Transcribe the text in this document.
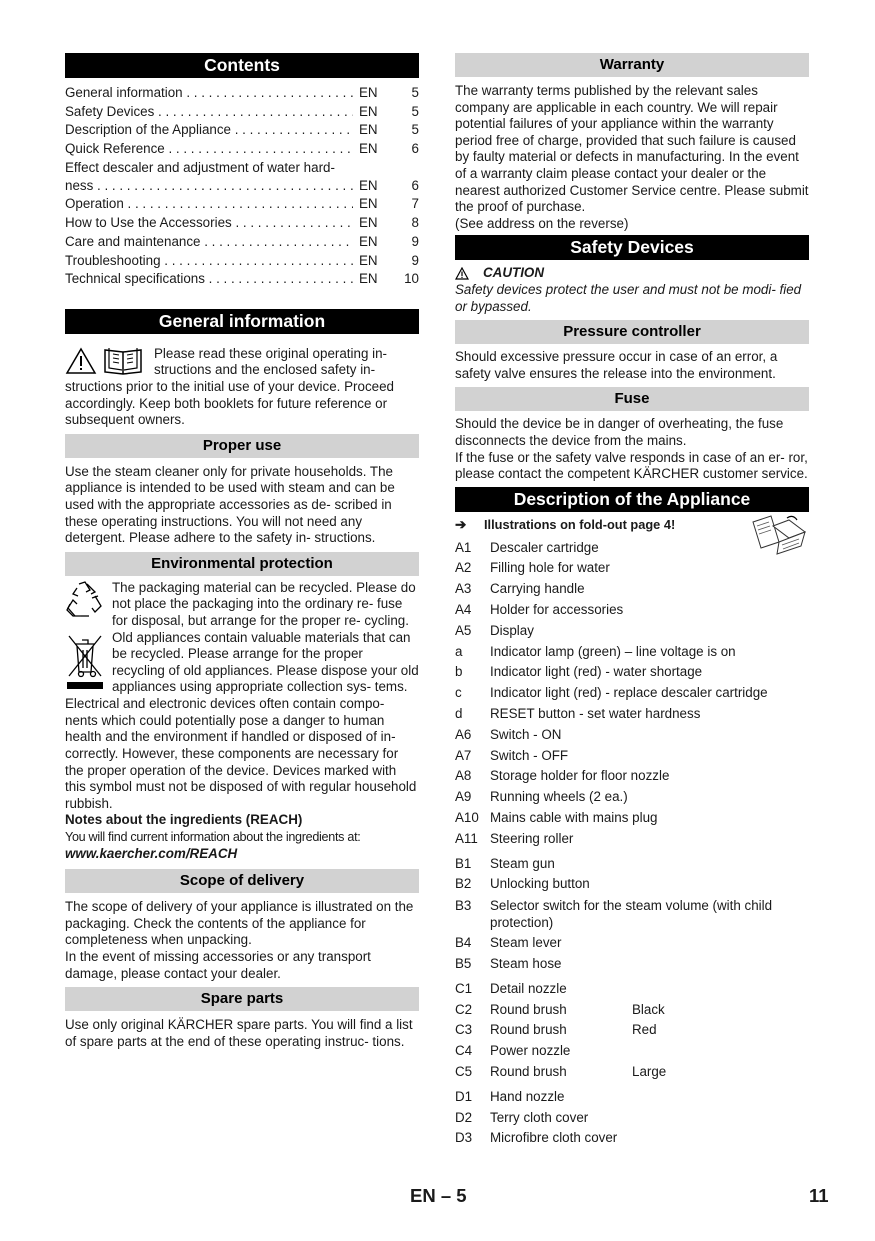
Contents
General information . . .	EN	5
Safety Devices . . .	EN	5
Description of the Appliance . . .	EN	5
Quick Reference . . .	EN	6
Effect descaler and adjustment of water hard-
ness . . .	EN	6
Operation . . .	EN	7
How to Use the Accessories . . .	EN	8
Care and maintenance . . .	EN	9
Troubleshooting . . .	EN	9
Technical specifications . . .	EN	10
General information

Please read these original operating in-

structions and the enclosed safety in-

structions prior to the initial use of your device. Proceed accordingly. Keep both booklets for future reference or subsequent owners.

Proper use

Use the steam cleaner only for private households. The appliance is intended to be used with steam and can be used with the appropriate accessories as de- scribed in these operating instructions. You will not need any detergent. Please adhere to the safety in- structions.

Environmental protection

The packaging material can be recycled. Please do not place the packaging into the ordinary re- fuse for disposal, but arrange for the proper re- cycling.

Old appliances contain valuable materials that can be recycled. Please arrange for the proper recycling of old appliances. Please dispose your old appliances using appropriate collection sys- tems.

Electrical and electronic devices often contain compo- nents which could potentially pose a danger to human health and the environment if handled or disposed of in- correctly. However, these components are necessary for the proper operation of the device. Devices marked with this symbol must not be disposed of with regular household rubbish.

Notes about the ingredients (REACH)

You will find current information about the ingredients at:

www.kaercher.com/REACH

Scope of delivery

The scope of delivery of your appliance is illustrated on the packaging. Check the contents of the appliance for completeness when unpacking.

In the event of missing accessories or any transport damage, please contact your dealer.

Spare parts

Use only original KÄRCHER spare parts. You will find a list of spare parts at the end of these operating instruc- tions.

Warranty

The warranty terms published by the relevant sales company are applicable in each country. We will repair potential failures of your appliance within the warranty period free of charge, provided that such failure is caused by faulty material or defects in manufacturing. In the event of a warranty claim please contact your dealer or the nearest authorized Customer Service centre. Please submit the proof of purchase.

(See address on the reverse)

Safety Devices
CAUTION

Safety devices protect the user and must not be modi- fied or bypassed.

Pressure controller

Should excessive pressure occur in case of an error, a safety valve ensures the release into the environment.

Fuse

Should the device be in danger of overheating, the fuse disconnects the device from the mains.

If the fuse or the safety valve responds in case of an er- ror, please contact the competent KÄRCHER customer service.

Description of the Appliance
➔	Illustrations on fold-out page 4!
A1	Descaler cartridge
A2	Filling hole for water
A3	Carrying handle
A4	Holder for accessories
A5	Display
a	Indicator lamp (green) – line voltage is on
b	Indicator light (red) - water shortage
c	Indicator light (red) - replace descaler cartridge
d	RESET button - set water hardness
A6	Switch - ON
A7	Switch - OFF
A8	Storage holder for floor nozzle
A9	Running wheels (2 ea.)
A10 Mains cable with mains plug
A11 Steering roller
B1	Steam gun
B2	Unlocking button
B3	Selector switch for the steam volume (with child protection)
B4	Steam lever
B5	Steam hose
C1	Detail nozzle
C2	Round brush	Black
C3	Round brush	Red
C4	Power nozzle
C5	Round brush	Large
D1	Hand nozzle
D2	Terry cloth cover
D3	Microfibre cloth cover
EN – 5	11
